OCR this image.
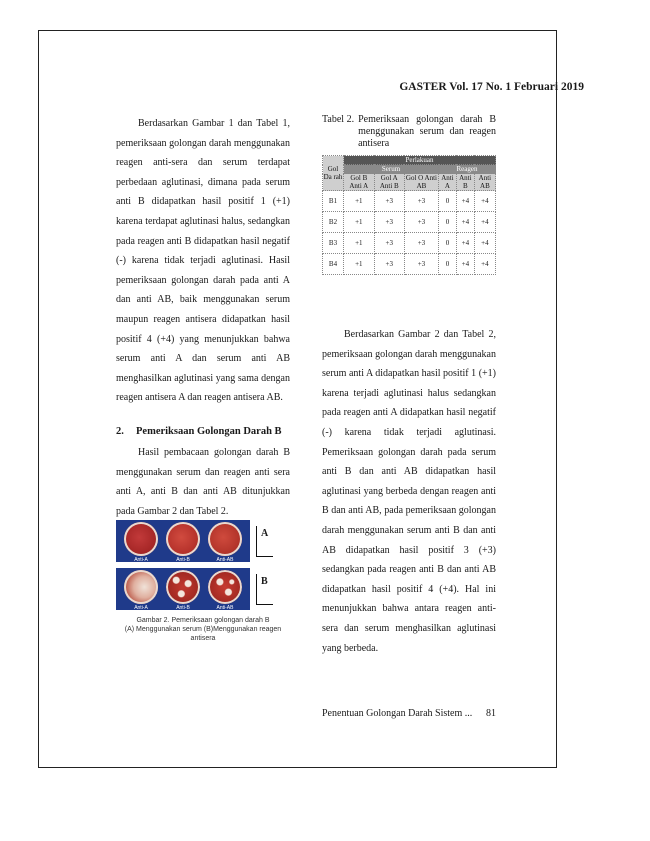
GASTER Vol. 17 No. 1 Februari 2019

Berdasarkan Gambar 1 dan Tabel 1, pemeriksaan golongan darah menggunakan reagen anti-sera dan serum terdapat perbedaan aglutinasi, dimana pada serum anti B didapatkan hasil positif 1 (+1) karena terdapat aglutinasi halus, sedangkan pada reagen anti B didapatkan hasil negatif (-) karena tidak terjadi aglutinasi. Hasil pemeriksaan golongan darah pada anti A dan anti AB, baik menggunakan serum maupun reagen antisera didapatkan hasil positif 4 (+4) yang menunjukkan bahwa serum anti A dan serum anti AB menghasilkan aglutinasi yang sama dengan reagen antisera A dan reagen antisera AB.

2. Pemeriksaan Golongan Darah B

Hasil pembacaan golongan darah B menggunakan serum dan reagen anti sera anti A, anti B dan anti AB ditunjukkan pada Gambar 2 dan Tabel 2.

Anti-A	Anti-B	Anti-AB
A
Anti-A	Anti-B	Anti-AB
B
Gambar 2. Pemeriksaan golongan darah B
(A) Menggunakan serum (B)Menggunakan reagen antisera
Tabel 2. Pemeriksaan golongan darah B menggunakan serum dan reagen antisera
Gol Da rah	Perlakuan					
	Serum			Reagen		
	Gol B Anti A	Gol A Anti B	Gol O Anti AB	Anti A	Anti B	Anti AB
B1	+1	+3	+3	0	+4	+4
B2	+1	+3	+3	0	+4	+4
B3	+1	+3	+3	0	+4	+4
B4	+1	+3	+3	0	+4	+4

Berdasarkan Gambar 2 dan Tabel 2, pemeriksaan golongan darah menggunakan serum anti A didapatkan hasil positif 1 (+1) karena terjadi aglutinasi halus sedangkan pada reagen anti A didapatkan hasil negatif (-) karena tidak terjadi aglutinasi. Pemeriksaan golongan darah pada serum anti B dan anti AB didapatkan hasil aglutinasi yang berbeda dengan reagen anti B dan anti AB, pada pemeriksaan golongan darah menggunakan serum anti B dan anti AB didapatkan hasil positif 3 (+3) sedangkan pada reagen anti B dan anti AB didapatkan hasil positif 4 (+4). Hal ini menunjukkan bahwa antara reagen anti-sera dan serum menghasilkan aglutinasi yang berbeda.

Penentuan Golongan Darah Sistem ... 81
